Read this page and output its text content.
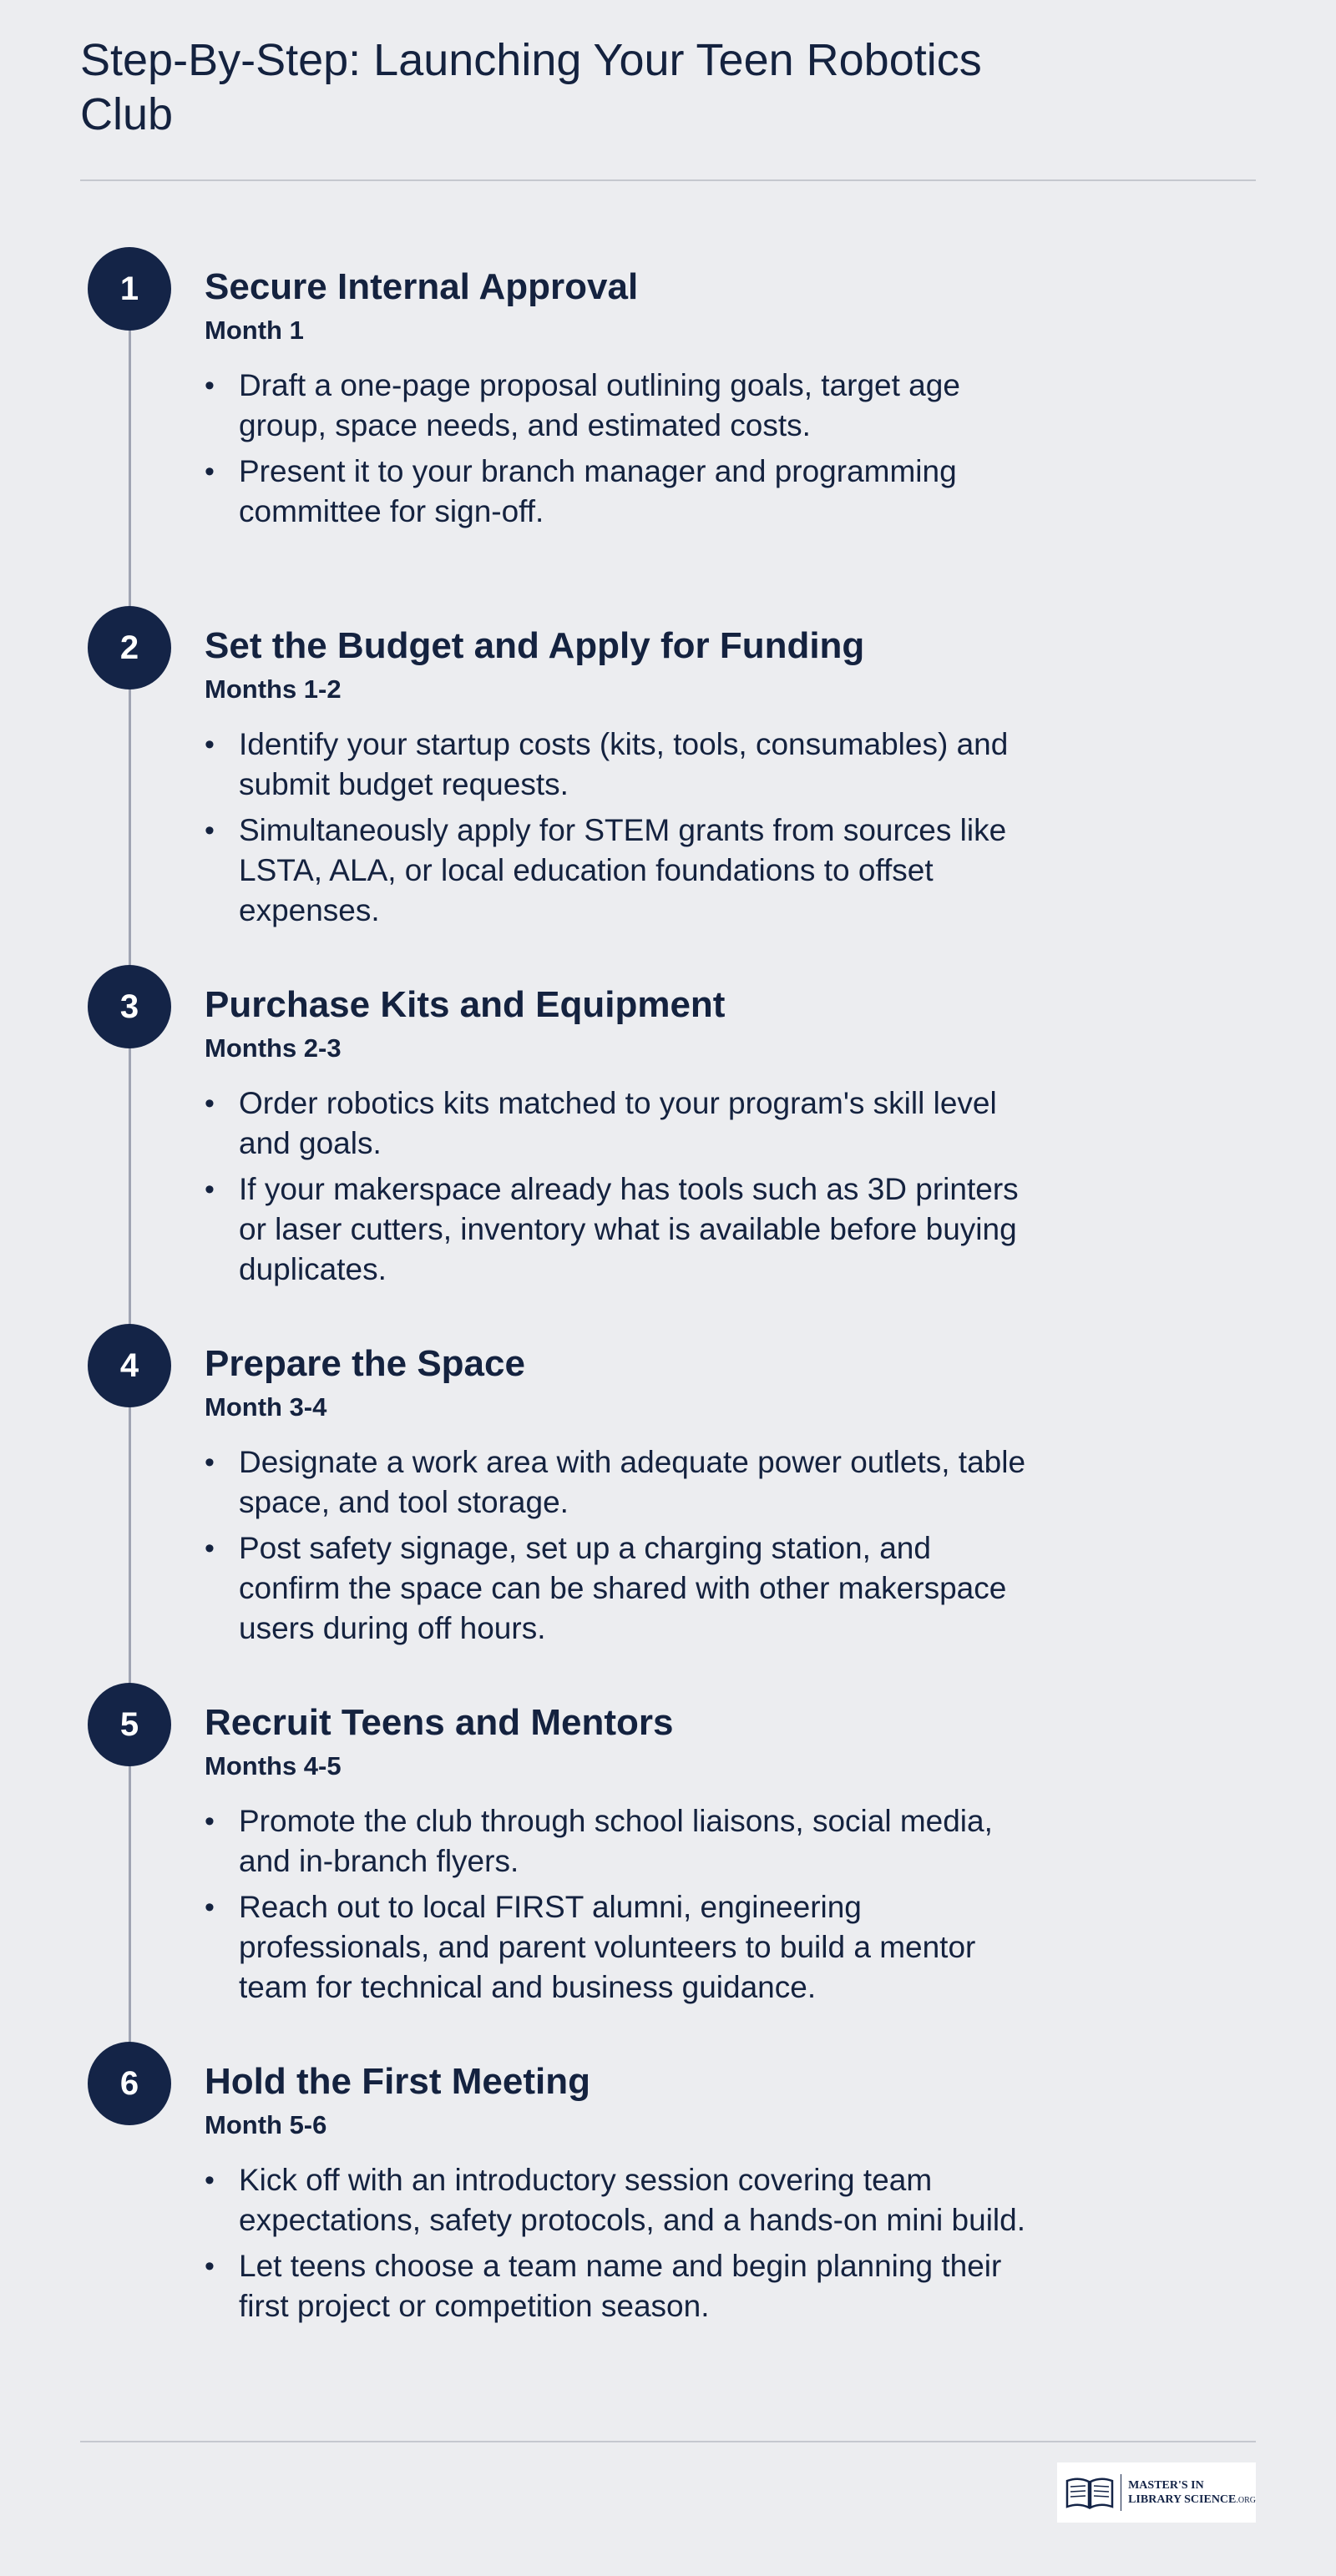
Step-By-Step: Launching Your Teen Robotics Club
1	Secure Internal Approval
Month 1
• Draft a one-page proposal outlining goals, target age group, space needs, and estimated costs.
• Present it to your branch manager and programming committee for sign-off.
2	Set the Budget and Apply for Funding
Months 1-2
• Identify your startup costs (kits, tools, consumables) and submit budget requests.
• Simultaneously apply for STEM grants from sources like LSTA, ALA, or local education foundations to offset expenses.
3	Purchase Kits and Equipment
Months 2-3
• Order robotics kits matched to your program's skill level and goals.
• If your makerspace already has tools such as 3D printers or laser cutters, inventory what is available before buying duplicates.
4	Prepare the Space
Month 3-4
• Designate a work area with adequate power outlets, table space, and tool storage.
• Post safety signage, set up a charging station, and confirm the space can be shared with other makerspace users during off hours.
5	Recruit Teens and Mentors
Months 4-5
• Promote the club through school liaisons, social media, and in-branch flyers.
• Reach out to local FIRST alumni, engineering professionals, and parent volunteers to build a mentor team for technical and business guidance.
6	Hold the First Meeting
Month 5-6
• Kick off with an introductory session covering team expectations, safety protocols, and a hands-on mini build.
• Let teens choose a team name and begin planning their first project or competition season.
MASTER'S IN
LIBRARY SCIENCE.ORG
